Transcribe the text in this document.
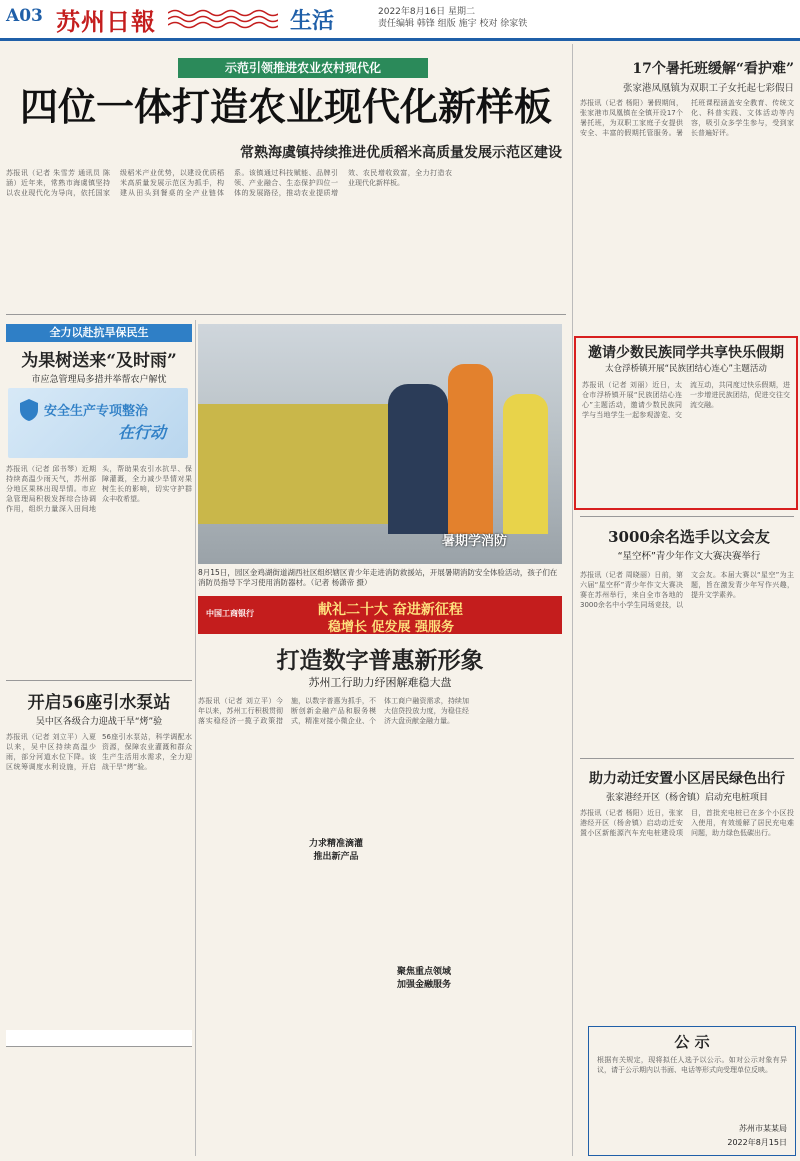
A03 苏州日報	生活	2022年8月16日 星期二
责任编辑 韩锋 组版 施宇 校对 徐家铁
示范引领推进农业农村现代化
四位一体打造农业现代化新样板
常熟海虞镇持续推进优质稻米高质量发展示范区建设
苏报讯（记者 朱雪芳 通讯员 陈涵）近年来，常熟市海虞镇坚持以农业现代化为导向，依托国家级稻米产业优势，以建设优质稻米高质量发展示范区为抓手，构建从田头到餐桌的全产业链体系。该镇通过科技赋能、品牌引领、产业融合、生态保护四位一体的发展路径，推动农业提质增效、农民增收致富，全力打造农业现代化新样板。
17个暑托班缓解“看护难”
张家港凤凰镇为双职工子女托起七彩假日
苏报讯（记者 杨阳）暑假期间，张家港市凤凰镇在全镇开设17个暑托班，为双职工家庭子女提供安全、丰富的假期托管服务。暑托班课程涵盖安全教育、传统文化、科普实践、文体活动等内容，吸引众多学生参与，受到家长普遍好评。
全力以赴抗旱保民生
为果树送来“及时雨”
市应急管理局多措并举帮农户解忧
安全生产专项整治
在行动
苏报讯（记者 邱书琴）近期持续高温少雨天气，苏州部分地区果林出现旱情。市应急管理局积极发挥综合协调作用，组织力量深入田间地头，帮助果农引水抗旱、保障灌溉，全力减少旱情对果树生长的影响，切实守护群众丰收希望。
暑期学消防
8月15日，园区金鸡湖街道湖西社区组织辖区青少年走进消防救援站，开展暑期消防安全体验活动，孩子们在消防员指导下学习使用消防器材。（记者 杨潇帝 摄）
开启56座引水泵站
吴中区各级合力迎战干旱“烤”验
苏报讯（记者 刘立平）入夏以来，吴中区持续高温少雨，部分河道水位下降。该区统筹调度水利设施，开启56座引水泵站，科学调配水资源，保障农业灌溉和群众生产生活用水需求，全力迎战干旱“烤”验。
中国工商银行	献礼二十大 奋进新征程
稳增长 促发展 强服务
打造数字普惠新形象
苏州工行助力纾困解难稳大盘
苏报讯（记者 刘立平）今年以来，苏州工行积极贯彻落实稳经济一揽子政策措施，以数字普惠为抓手，不断创新金融产品和服务模式，精准对接小微企业、个体工商户融资需求，持续加大信贷投放力度，为稳住经济大盘贡献金融力量。
力求精准滴灌
推出新产品
聚焦重点领域
加强金融服务
邀请少数民族同学共享快乐假期
太仓浮桥镇开展“民族团结心连心”主题活动
苏报讯（记者 刘丽）近日，太仓市浮桥镇开展“民族团结心连心”主题活动，邀请少数民族同学与当地学生一起参观游览、交流互动，共同度过快乐假期，进一步增进民族团结，促进交往交流交融。
3000余名选手以文会友
“星空杯”青少年作文大赛决赛举行
苏报讯（记者 周晓丽）日前，第六届“星空杯”青少年作文大赛决赛在苏州举行，来自全市各地的3000余名中小学生同场竞技，以文会友。本届大赛以“星空”为主题，旨在激发青少年写作兴趣，提升文学素养。
助力动迁安置小区居民绿色出行
张家港经开区（杨舍镇）启动充电桩项目
苏报讯（记者 杨阳）近日，张家港经开区（杨舍镇）启动动迁安置小区新能源汽车充电桩建设项目，首批充电桩已在多个小区投入使用，有效缓解了居民充电难问题，助力绿色低碳出行。
公 示
根据有关规定，现将拟任人选予以公示。如对公示对象有异议，请于公示期内以书面、电话等形式向受理单位反映。
苏州市某某局
2022年8月15日
